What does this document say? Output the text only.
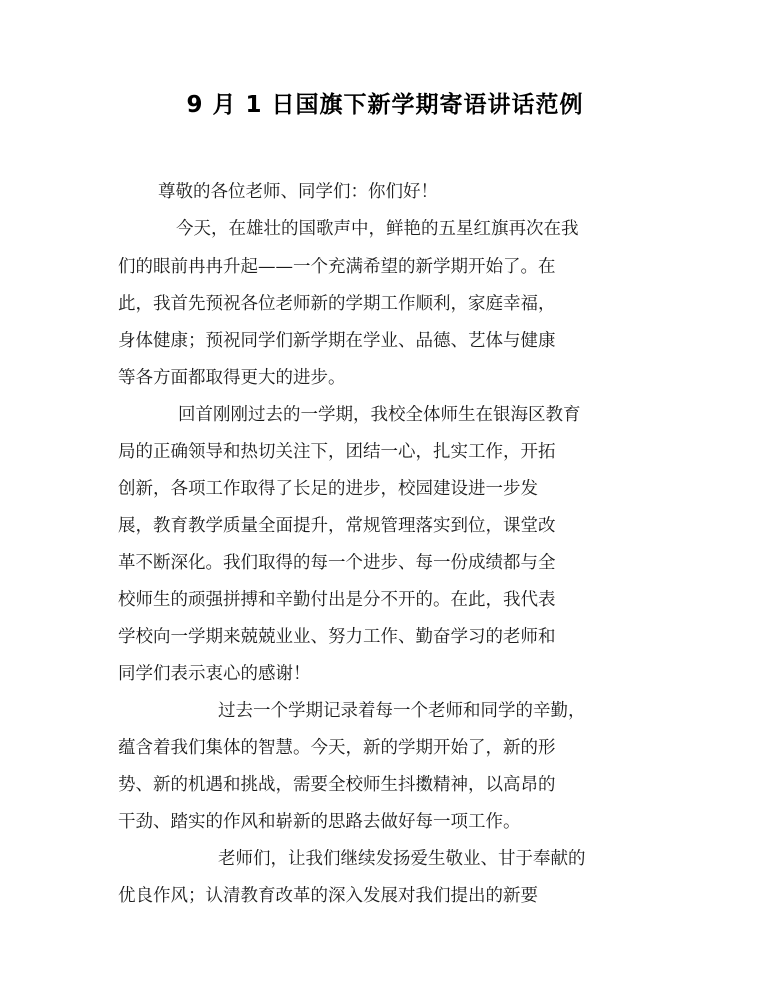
9 月 1 日国旗下新学期寄语讲话范例
尊敬的各位老师、同学们：你们好！
今天，在雄壮的国歌声中，鲜艳的五星红旗再次在我
们的眼前冉冉升起——一个充满希望的新学期开始了。在
此，我首先预祝各位老师新的学期工作顺利，家庭幸福，
身体健康；预祝同学们新学期在学业、品德、艺体与健康
等各方面都取得更大的进步。
回首刚刚过去的一学期，我校全体师生在银海区教育
局的正确领导和热切关注下，团结一心，扎实工作，开拓
创新，各项工作取得了长足的进步，校园建设进一步发
展，教育教学质量全面提升，常规管理落实到位，课堂改
革不断深化。我们取得的每一个进步、每一份成绩都与全
校师生的顽强拼搏和辛勤付出是分不开的。在此，我代表
学校向一学期来兢兢业业、努力工作、勤奋学习的老师和
同学们表示衷心的感谢！
过去一个学期记录着每一个老师和同学的辛勤，
蕴含着我们集体的智慧。今天，新的学期开始了，新的形
势、新的机遇和挑战，需要全校师生抖擞精神，以高昂的
干劲、踏实的作风和崭新的思路去做好每一项工作。
老师们，让我们继续发扬爱生敬业、甘于奉献的
优良作风；认清教育改革的深入发展对我们提出的新要
